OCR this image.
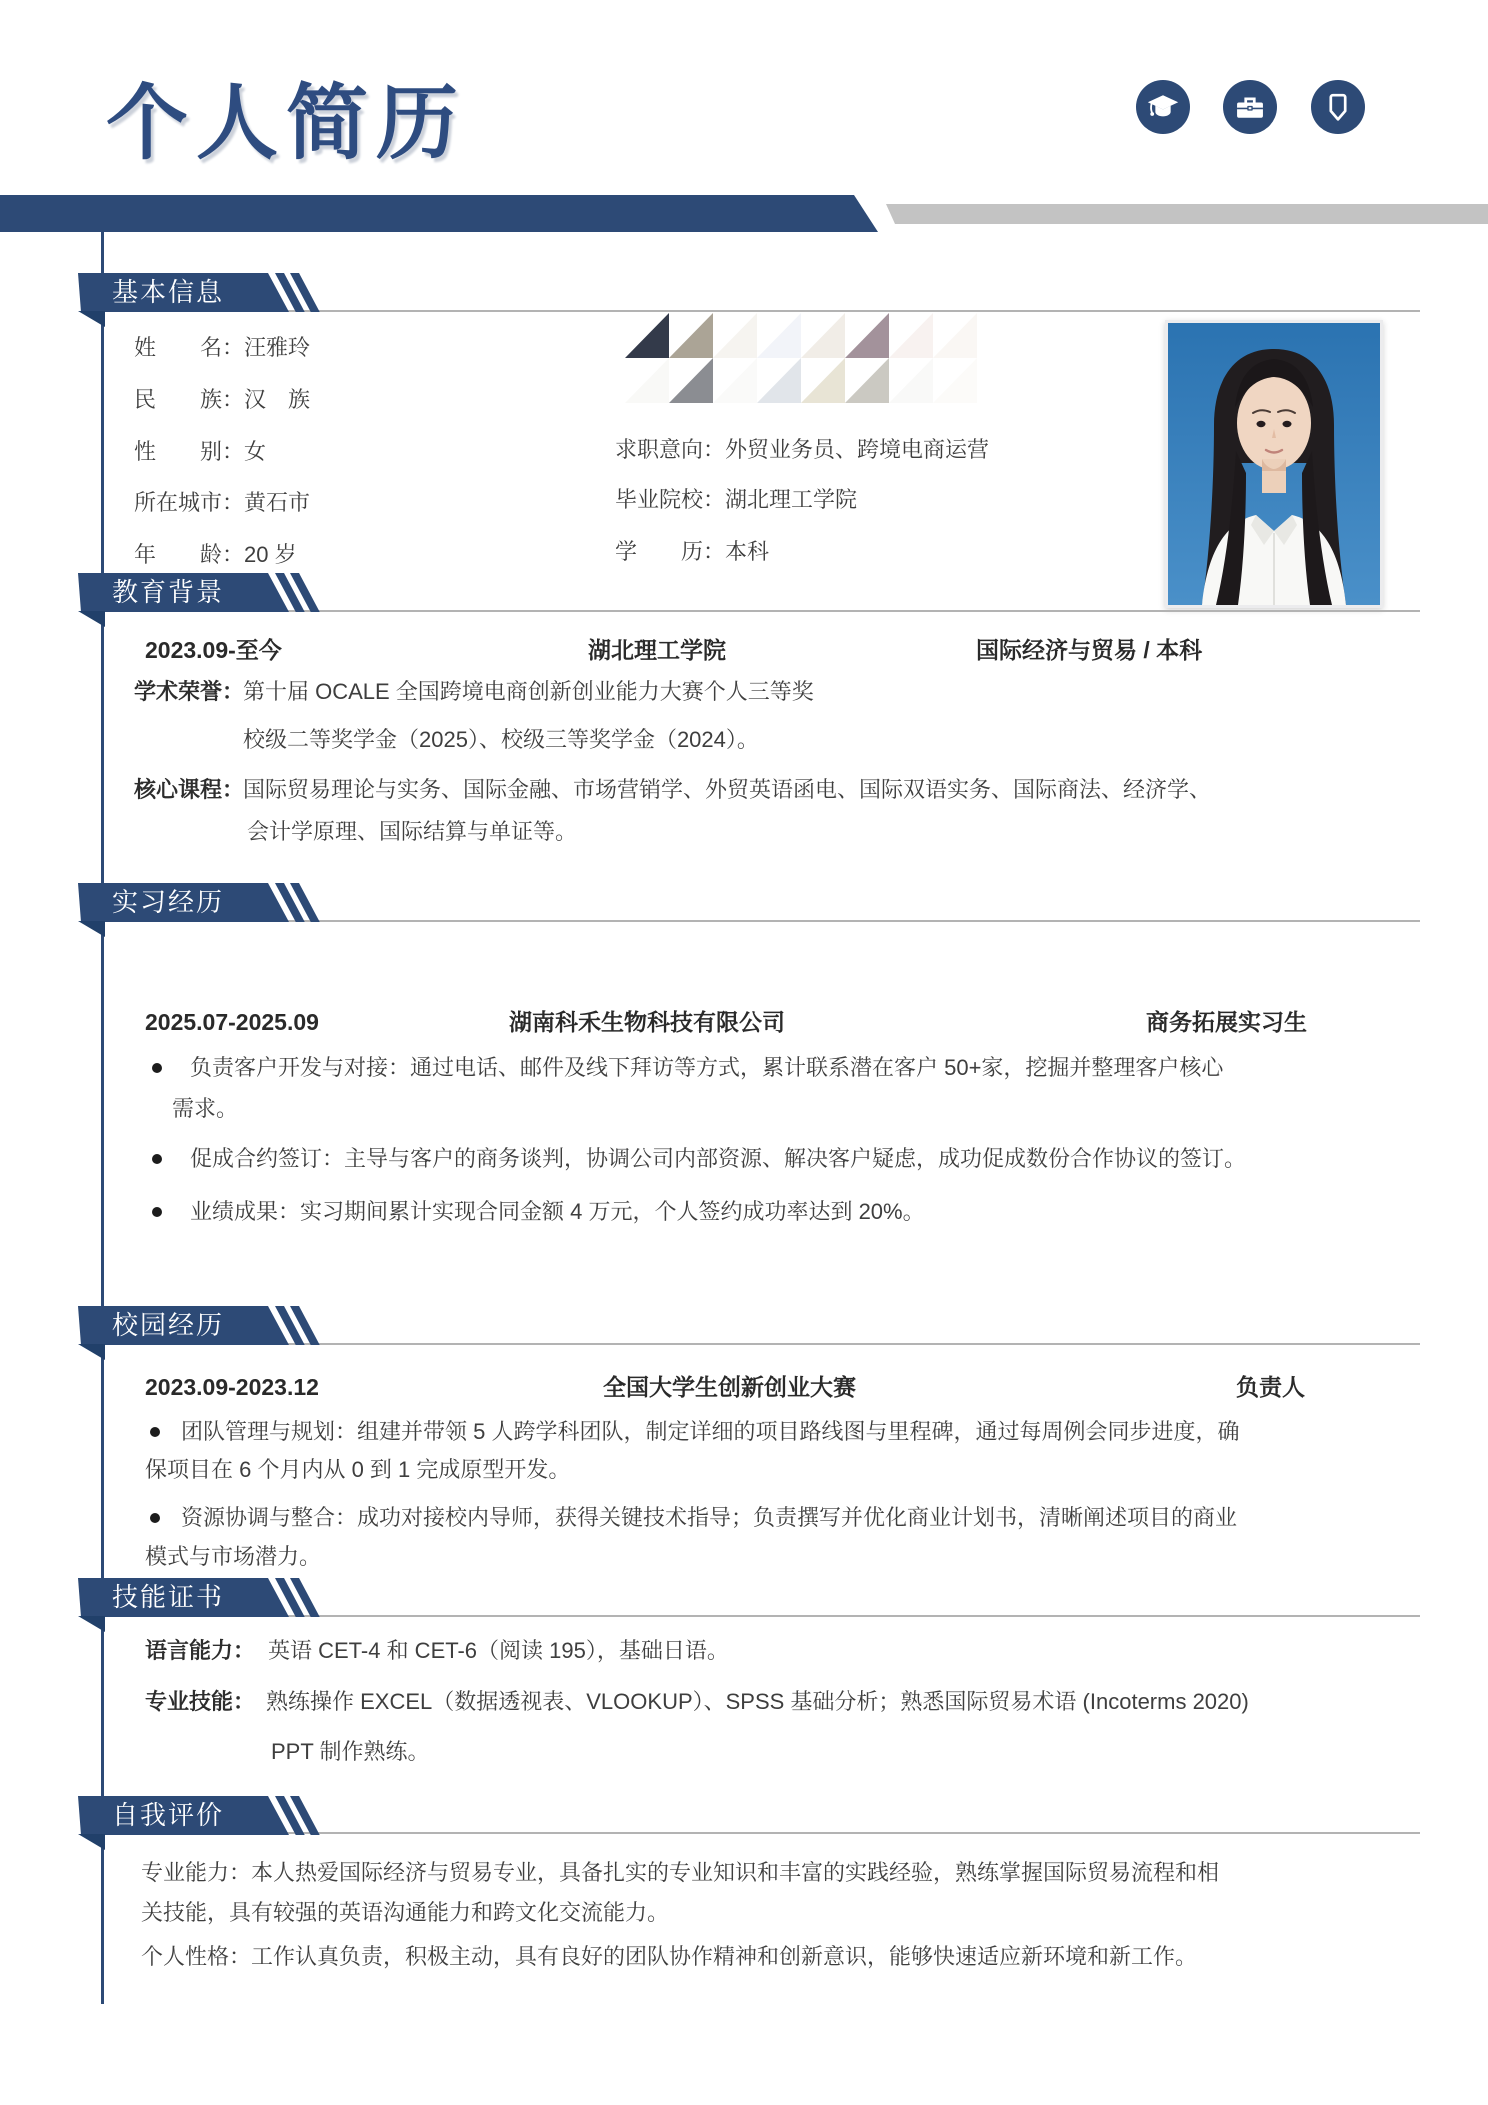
个人简历
基本信息
姓　　名：汪雅玲
民　　族：汉　族
性　　别：女
所在城市：黄石市
年　　龄：20 岁
求职意向：外贸业务员、跨境电商运营
毕业院校：湖北理工学院
学　　历：本科
教育背景
2023.09-至今	湖北理工学院	国际经济与贸易 / 本科
学术荣誉：
第十届 OCALE 全国跨境电商创新创业能力大赛个人三等奖
校级二等奖学金（2025）、校级三等奖学金（2024）。
核心课程：
国际贸易理论与实务、国际金融、市场营销学、外贸英语函电、国际双语实务、国际商法、经济学、
会计学原理、国际结算与单证等。
实习经历
2025.07-2025.09	湖南科禾生物科技有限公司	商务拓展实习生
负责客户开发与对接：通过电话、邮件及线下拜访等方式，累计联系潜在客户 50+家，挖掘并整理客户核心
需求。
促成合约签订：主导与客户的商务谈判，协调公司内部资源、解决客户疑虑，成功促成数份合作协议的签订。
业绩成果：实习期间累计实现合同金额 4 万元，个人签约成功率达到 20%。
校园经历
2023.09-2023.12	全国大学生创新创业大赛	负责人
团队管理与规划：组建并带领 5 人跨学科团队，制定详细的项目路线图与里程碑，通过每周例会同步进度，确
保项目在 6 个月内从 0 到 1 完成原型开发。
资源协调与整合：成功对接校内导师，获得关键技术指导；负责撰写并优化商业计划书，清晰阐述项目的商业
模式与市场潜力。
技能证书
语言能力： 英语 CET-4 和 CET-6（阅读 195），基础日语。
专业技能： 熟练操作 EXCEL（数据透视表、VLOOKUP）、SPSS 基础分析；熟悉国际贸易术语 (Incoterms 2020)
PPT 制作熟练。
自我评价
专业能力：本人热爱国际经济与贸易专业，具备扎实的专业知识和丰富的实践经验，熟练掌握国际贸易流程和相
关技能，具有较强的英语沟通能力和跨文化交流能力。
个人性格：工作认真负责，积极主动，具有良好的团队协作精神和创新意识，能够快速适应新环境和新工作。
